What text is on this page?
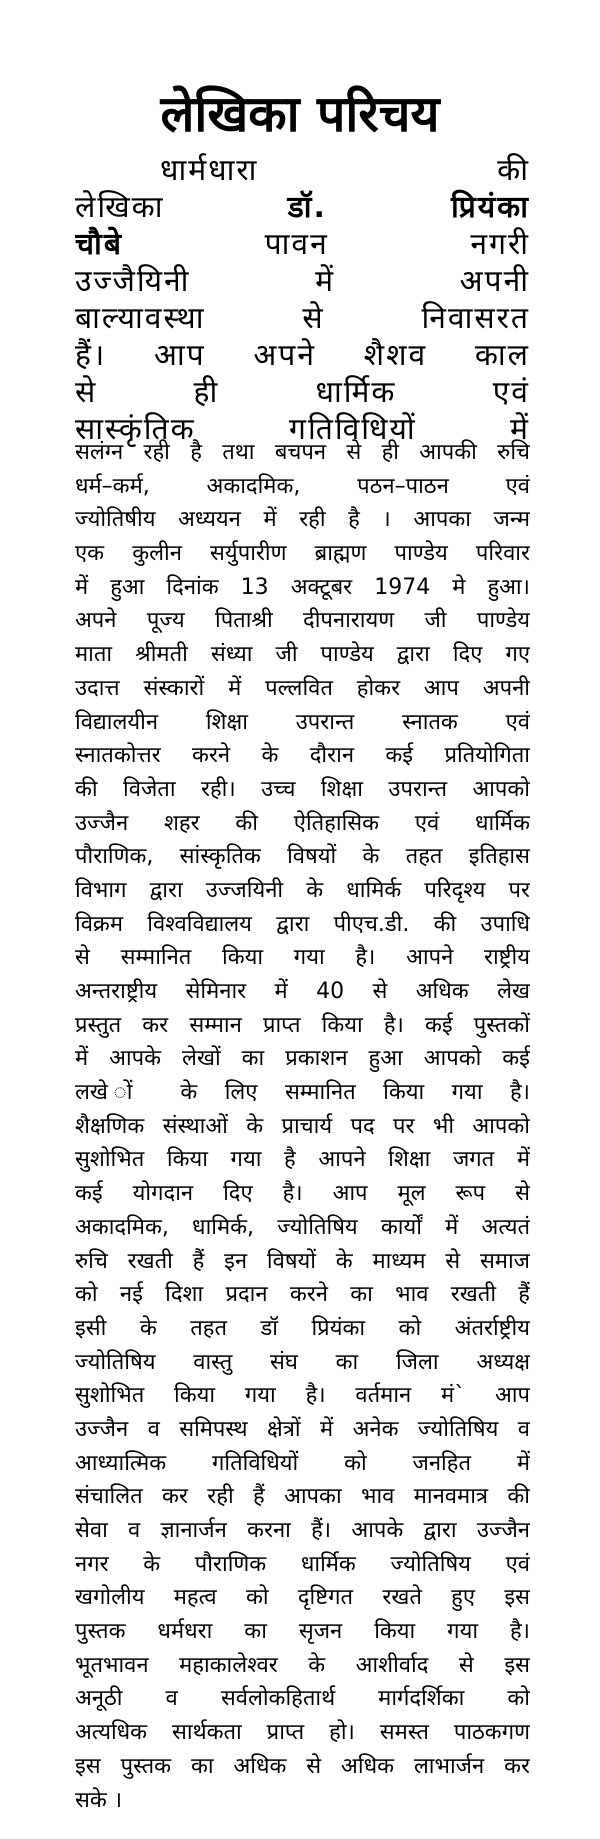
लेखिका परिचय
धार्मधारा की
लेखिका डॉ. प्रियंका
चौबे पावन नगरी
उज्जैयिनी में अपनी
बाल्यावस्था से निवासरत
हैं। आप अपने शैशव काल
से ही धार्मिक एवं
सास्कृंतिक गतिविधियों में
सलंग्न रही है तथा बचपन से ही आपकी रुचि
धर्म–कर्म, अकादमिक, पठन–पाठन एवं
ज्योतिषीय अध्ययन में रही है । आपका जन्म
एक कुलीन सर्युपारीण ब्राह्मण पाण्डेय परिवार
में हुआ दिनांक 13 अक्टूबर 1974 मे हुआ।
अपने पूज्य पिताश्री दीपनारायण जी पाण्डेय
माता श्रीमती संध्या जी पाण्डेय द्वारा दिए गए
उदात्त संस्कारों में पल्लवित होकर आप अपनी
विद्यालयीन शिक्षा उपरान्त स्नातक एवं
स्नातकोत्तर करने के दौरान कई प्रतियोगिता
की विजेता रही। उच्च शिक्षा उपरान्त आपको
उज्जैन शहर की ऐतिहासिक एवं धार्मिक
पौराणिक, सांस्कृतिक विषयों के तहत इतिहास
विभाग द्वारा उज्जयिनी के धामिर्क परिदृश्य पर
विक्रम विश्वविद्यालय द्वारा पीएच.डी. की उपाधि
से सम्मानित किया गया है। आपने राष्ट्रीय
अन्तराष्ट्रीय सेमिनार में 40 से अधिक लेख
प्रस्तुत कर सम्मान प्राप्त किया है। कई पुस्तकों
में आपके लेखों का प्रकाशन हुआ आपको कई
लखे ों के लिए सम्मानित किया गया है।
शैक्षणिक संस्थाओं के प्राचार्य पद पर भी आपको
सुशोभित किया गया है आपने शिक्षा जगत में
कई योगदान दिए है। आप मूल रूप से
अकादमिक, धामिर्क, ज्योतिषिय कार्यों में अत्यतं
रुचि रखती हैं इन विषयों के माध्यम से समाज
को नई दिशा प्रदान करने का भाव रखती हैं
इसी के तहत डॉ प्रियंका को अंतर्राष्ट्रीय
ज्योतिषिय वास्तु संघ का जिला अध्यक्ष
सुशोभित किया गया है। वर्तमान मं` आप
उज्जैन व समिपस्थ क्षेत्रों में अनेक ज्योतिषिय व
आध्यात्मिक गतिविधियों को जनहित में
संचालित कर रही हैं आपका भाव मानवमात्र की
सेवा व ज्ञानार्जन करना हैं। आपके द्वारा उज्जैन
नगर के पौराणिक धार्मिक ज्योतिषिय एवं
खगोलीय महत्व को दृष्टिगत रखते हुए इस
पुस्तक धर्मधरा का सृजन किया गया है।
भूतभावन महाकालेश्वर के आशीर्वाद से इस
अनूठी व सर्वलोकहितार्थ मार्गदर्शिका को
अत्यधिक सार्थकता प्राप्त हो। समस्त पाठकगण
इस पुस्तक का अधिक से अधिक लाभार्जन कर
सके ।
